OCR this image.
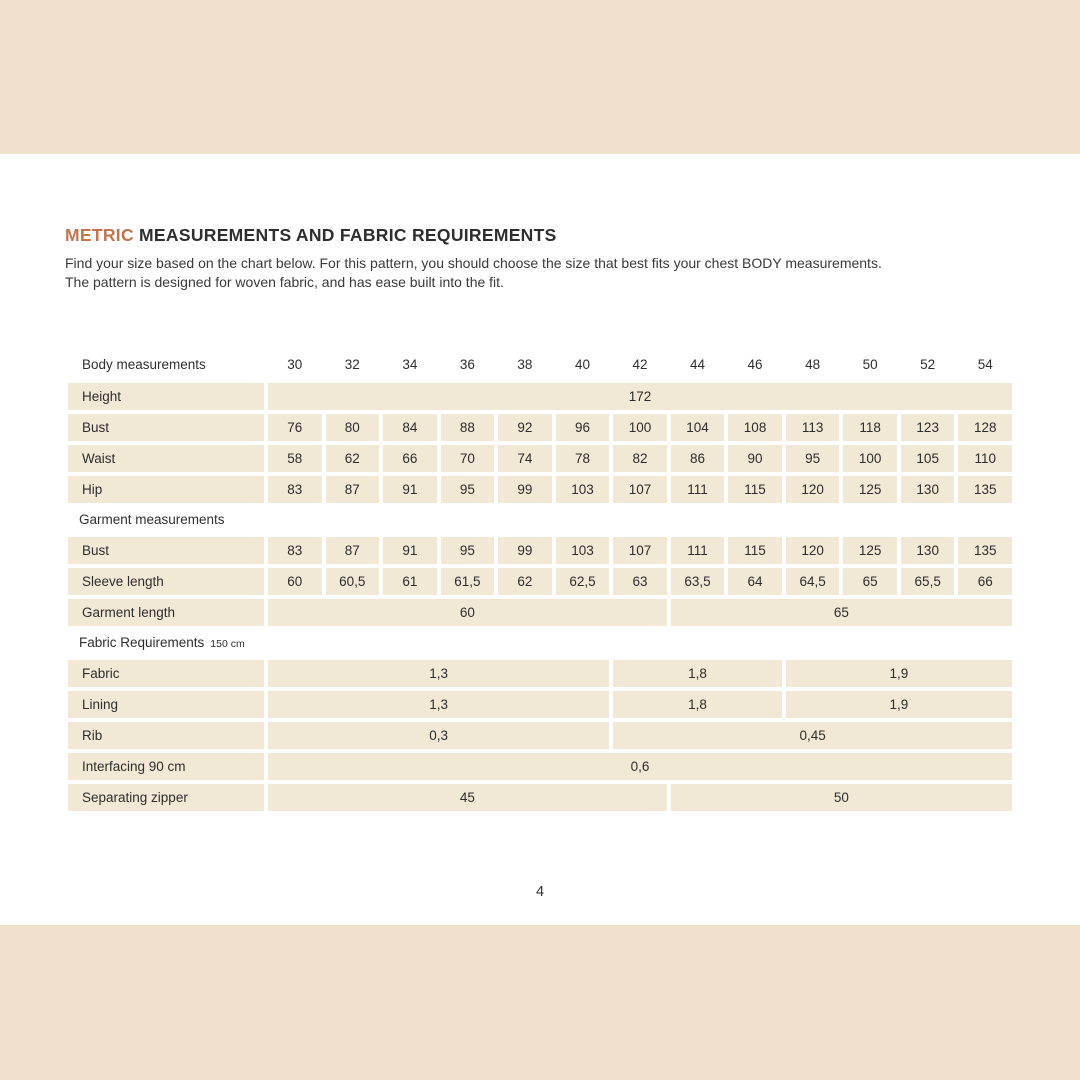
METRIC MEASUREMENTS AND FABRIC REQUIREMENTS
Find your size based on the chart below. For this pattern, you should choose the size that best fits your chest BODY measurements.
The pattern is designed for woven fabric, and has ease built into the fit.
Body measurements	30	32	34	36	38	40	42	44	46	48	50	52	54
Height	172
Bust	76	80	84	88	92	96	100	104	108	113	118	123	128
Waist	58	62	66	70	74	78	82	86	90	95	100	105	110
Hip	83	87	91	95	99	103	107	111	115	120	125	130	135
Garment measurements
Bust	83	87	91	95	99	103	107	111	115	120	125	130	135
Sleeve length	60	60,5	61	61,5	62	62,5	63	63,5	64	64,5	65	65,5	66
Garment length	60	65
Fabric Requirements 150 cm
Fabric	1,3	1,8	1,9
Lining	1,3	1,8	1,9
Rib	0,3	0,45
Interfacing 90 cm	0,6
Separating zipper	45	50
4
